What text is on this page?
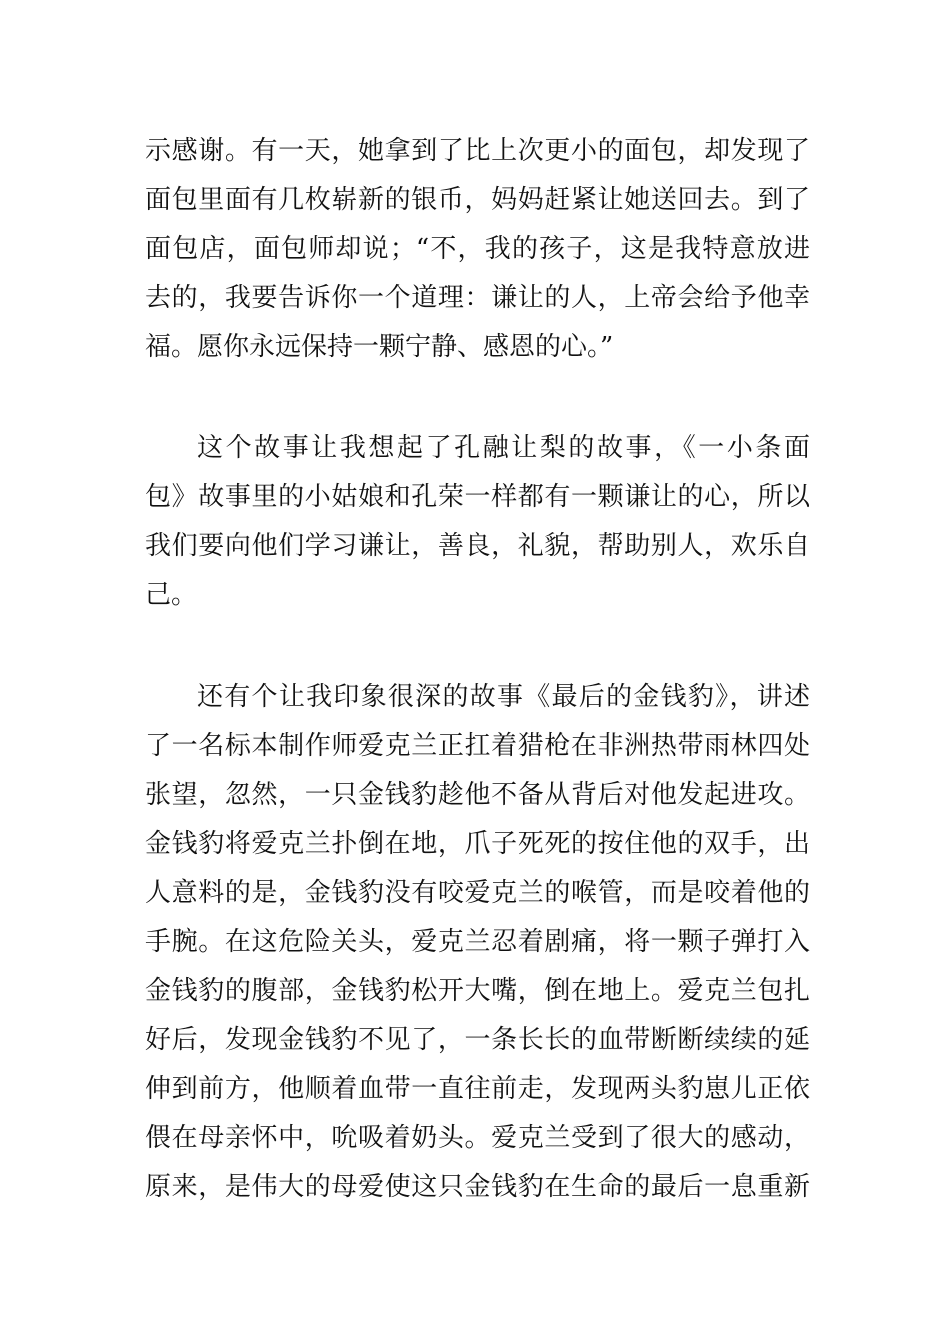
示感谢。有一天，她拿到了比上次更小的面包，却发现了
面包里面有几枚崭新的银币，妈妈赶紧让她送回去。到了
面包店，面包师却说；“不，我的孩子，这是我特意放进
去的，我要告诉你一个道理：谦让的人，上帝会给予他幸
福。愿你永远保持一颗宁静、感恩的心。”
这个故事让我想起了孔融让梨的故事，《一小条面
包》故事里的小姑娘和孔荣一样都有一颗谦让的心，所以
我们要向他们学习谦让，善良，礼貌，帮助别人，欢乐自
己。
还有个让我印象很深的故事《最后的金钱豹》，讲述
了一名标本制作师爱克兰正扛着猎枪在非洲热带雨林四处
张望，忽然，一只金钱豹趁他不备从背后对他发起进攻。
金钱豹将爱克兰扑倒在地，爪子死死的按住他的双手，出
人意料的是，金钱豹没有咬爱克兰的喉管，而是咬着他的
手腕。在这危险关头，爱克兰忍着剧痛，将一颗子弹打入
金钱豹的腹部，金钱豹松开大嘴，倒在地上。爱克兰包扎
好后，发现金钱豹不见了，一条长长的血带断断续续的延
伸到前方，他顺着血带一直往前走，发现两头豹崽儿正依
偎在母亲怀中，吮吸着奶头。爱克兰受到了很大的感动，
原来，是伟大的母爱使这只金钱豹在生命的最后一息重新
